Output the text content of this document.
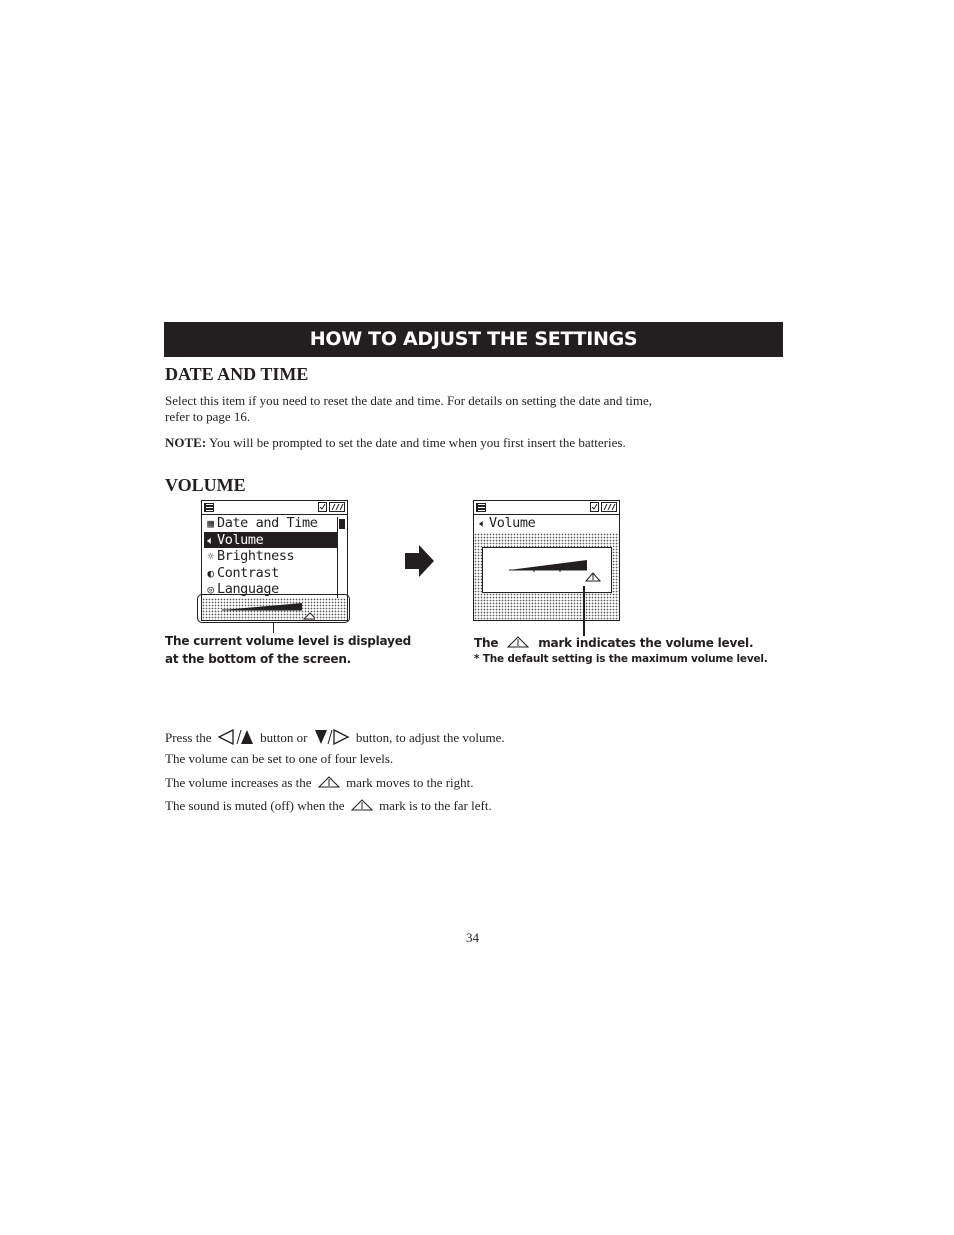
HOW TO ADJUST THE SETTINGS
DATE AND TIME
Select this item if you need to reset the date and time. For details on setting the date and time,
refer to page 16.
NOTE: You will be prompted to set the date and time when you first insert the batteries.
VOLUME
▦ Date and Time
🔈︎ Volume
☼ Brightness
◐ Contrast
◎ Language
🔈︎ Volume
The current volume level is displayed
at the bottom of the screen.
The	mark indicates the volume level.
* The default setting is the maximum volume level.
Press the	button or	button, to adjust the volume.
The volume can be set to one of four levels.
The volume increases as the	mark moves to the right.
The sound is muted (off) when the	mark is to the far left.
34
